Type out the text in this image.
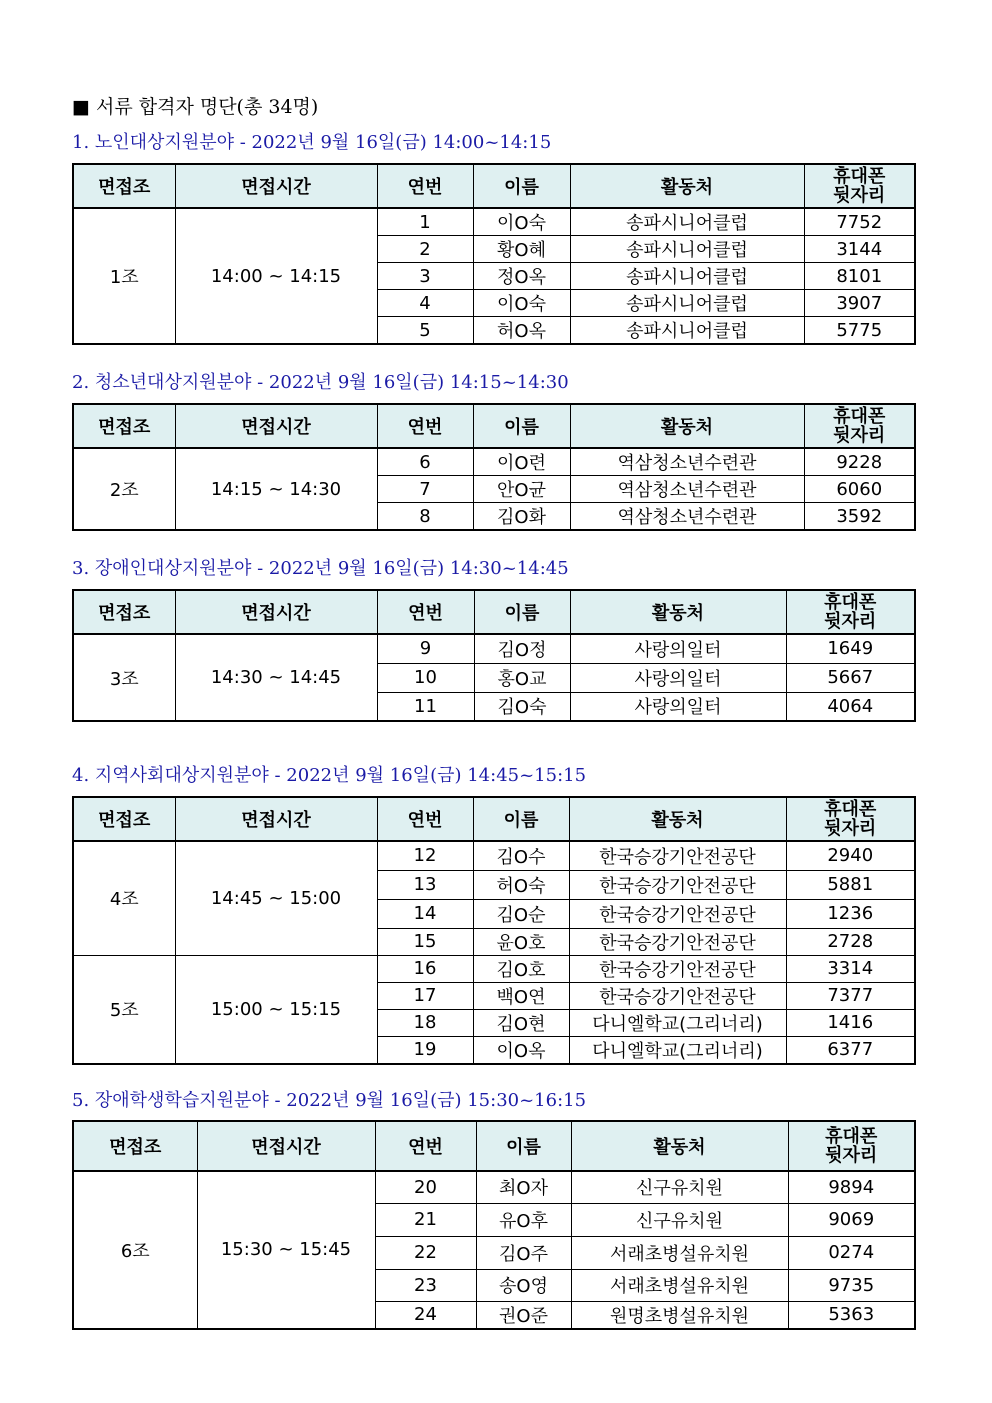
■ 서류 합격자 명단(총 34명)
1. 노인대상지원분야 - 2022년 9월 16일(금) 14:00~14:15
면접조	면접시간	연번	이름	활동처	휴대폰
뒷자리
1조	14:00 ~ 14:15	1	이O숙	송파시니어클럽	7752
		2	황O혜	송파시니어클럽	3144
		3	정O옥	송파시니어클럽	8101
		4	이O숙	송파시니어클럽	3907
		5	허O옥	송파시니어클럽	5775
2. 청소년대상지원분야 - 2022년 9월 16일(금) 14:15~14:30
면접조	면접시간	연번	이름	활동처	휴대폰
뒷자리
2조	14:15 ~ 14:30	6	이O련	역삼청소년수련관	9228
		7	안O균	역삼청소년수련관	6060
		8	김O화	역삼청소년수련관	3592
3. 장애인대상지원분야 - 2022년 9월 16일(금) 14:30~14:45
면접조	면접시간	연번	이름	활동처	휴대폰
뒷자리
3조	14:30 ~ 14:45	9	김O정	사랑의일터	1649
		10	홍O교	사랑의일터	5667
		11	김O숙	사랑의일터	4064
4. 지역사회대상지원분야 - 2022년 9월 16일(금) 14:45~15:15
면접조	면접시간	연번	이름	활동처	휴대폰
뒷자리
4조	14:45 ~ 15:00	12	김O수	한국승강기안전공단	2940
		13	허O숙	한국승강기안전공단	5881
		14	김O순	한국승강기안전공단	1236
		15	윤O호	한국승강기안전공단	2728
5조	15:00 ~ 15:15	16	김O호	한국승강기안전공단	3314
		17	백O연	한국승강기안전공단	7377
		18	김O현	다니엘학교(그리너리)	1416
		19	이O옥	다니엘학교(그리너리)	6377
5. 장애학생학습지원분야 - 2022년 9월 16일(금) 15:30~16:15
면접조	면접시간	연번	이름	활동처	휴대폰
뒷자리
6조	15:30 ~ 15:45	20	최O자	신구유치원	9894
		21	유O후	신구유치원	9069
		22	김O주	서래초병설유치원	0274
		23	송O영	서래초병설유치원	9735
		24	권O준	원명초병설유치원	5363
